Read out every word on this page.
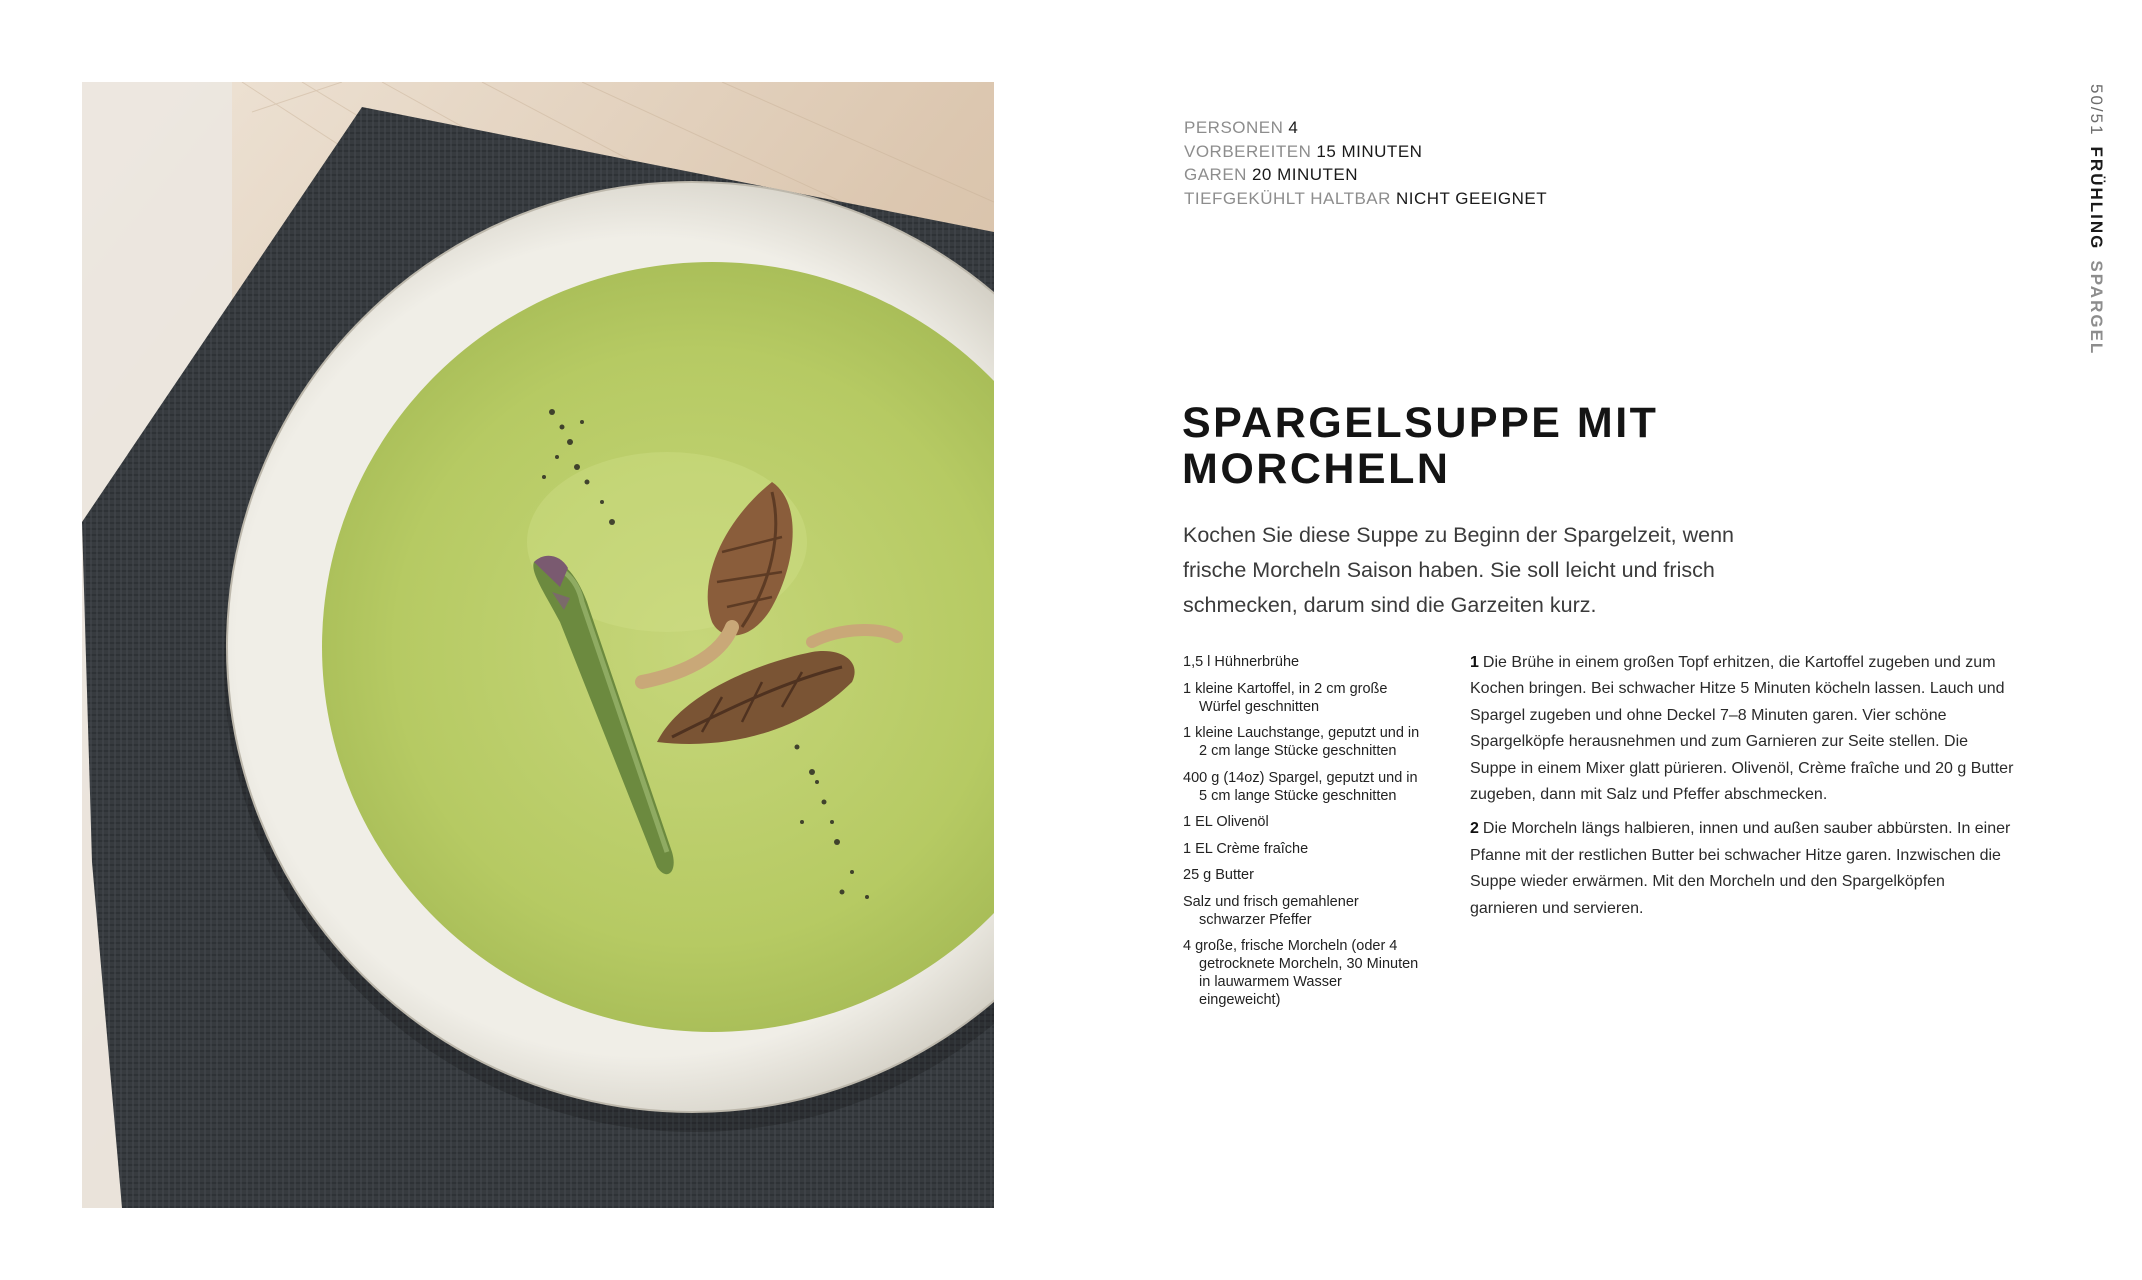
PERSONEN 4
VORBEREITEN 15 MINUTEN
GAREN 20 MINUTEN
TIEFGEKÜHLT HALTBAR NICHT GEEIGNET
50/51FRÜHLINGSPARGEL
SPARGELSUPPE MIT
MORCHELN

Kochen Sie diese Suppe zu Beginn der Spargelzeit, wenn frische Morcheln Saison haben. Sie soll leicht und frisch schmecken, darum sind die Garzeiten kurz.

1,5 l Hühnerbrühe
1 kleine Kartoffel, in 2 cm große Würfel geschnitten
1 kleine Lauchstange, geputzt und in 2 cm lange Stücke geschnitten
400 g (14oz) Spargel, geputzt und in 5 cm lange Stücke geschnitten
1 EL Olivenöl
1 EL Crème fraîche
25 g Butter
Salz und frisch gemahlener schwarzer Pfeffer
4 große, frische Morcheln (oder 4 getrocknete Morcheln, 30 Minuten in lauwarmem Wasser eingeweicht)

1 Die Brühe in einem großen Topf erhitzen, die Kartoffel zugeben und zum Kochen bringen. Bei schwacher Hitze 5 Minuten köcheln lassen. Lauch und Spargel zugeben und ohne Deckel 7–8 Minuten garen. Vier schöne Spargelköpfe herausnehmen und zum Garnieren zur Seite stellen. Die Suppe in einem Mixer glatt pürieren. Olivenöl, Crème fraîche und 20 g Butter zugeben, dann mit Salz und Pfeffer abschmecken.

2 Die Morcheln längs halbieren, innen und außen sauber abbürsten. In einer Pfanne mit der restlichen Butter bei schwacher Hitze garen. Inzwischen die Suppe wieder erwärmen. Mit den Morcheln und den Spargelköpfen garnieren und servieren.
